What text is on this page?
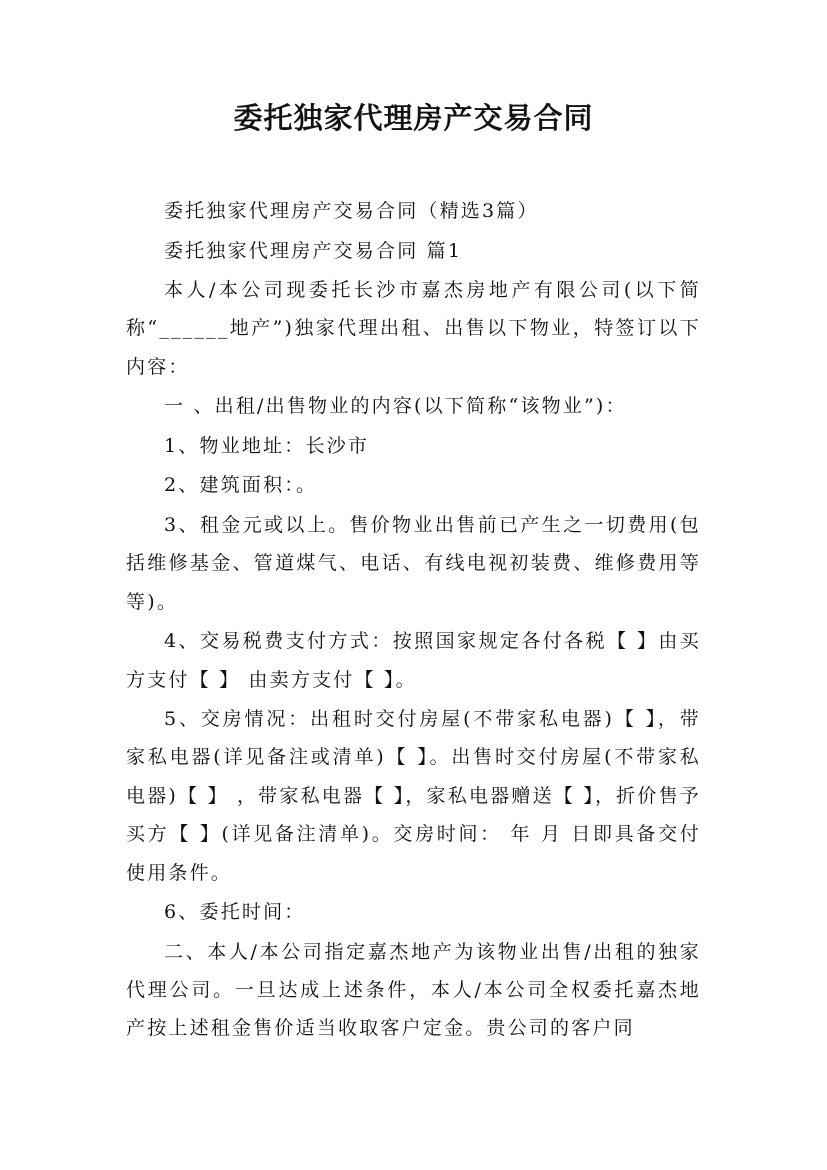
委托独家代理房产交易合同

委托独家代理房产交易合同（精选3篇）

委托独家代理房产交易合同 篇1

本人/本公司现委托长沙市嘉杰房地产有限公司(以下简称“______地产”)独家代理出租、出售以下物业，特签订以下内容：

一 、出租/出售物业的内容(以下简称“该物业”)：

1、物业地址：长沙市

2、建筑面积：。

3、租金元或以上。售价物业出售前已产生之一切费用(包括维修基金、管道煤气、电话、有线电视初装费、维修费用等等)。

4、交易税费支付方式：按照国家规定各付各税【 】由买方支付【 】 由卖方支付【 】。

5、交房情况：出租时交付房屋(不带家私电器)【 】，带家私电器(详见备注或清单)【 】。出售时交付房屋(不带家私电器)【 】 ，带家私电器【 】，家私电器赠送【 】，折价售予买方【 】(详见备注清单)。交房时间： 年 月 日即具备交付使用条件。

6、委托时间：

二、本人/本公司指定嘉杰地产为该物业出售/出租的独家代理公司。一旦达成上述条件，本人/本公司全权委托嘉杰地产按上述租金售价适当收取客户定金。贵公司的客户同
